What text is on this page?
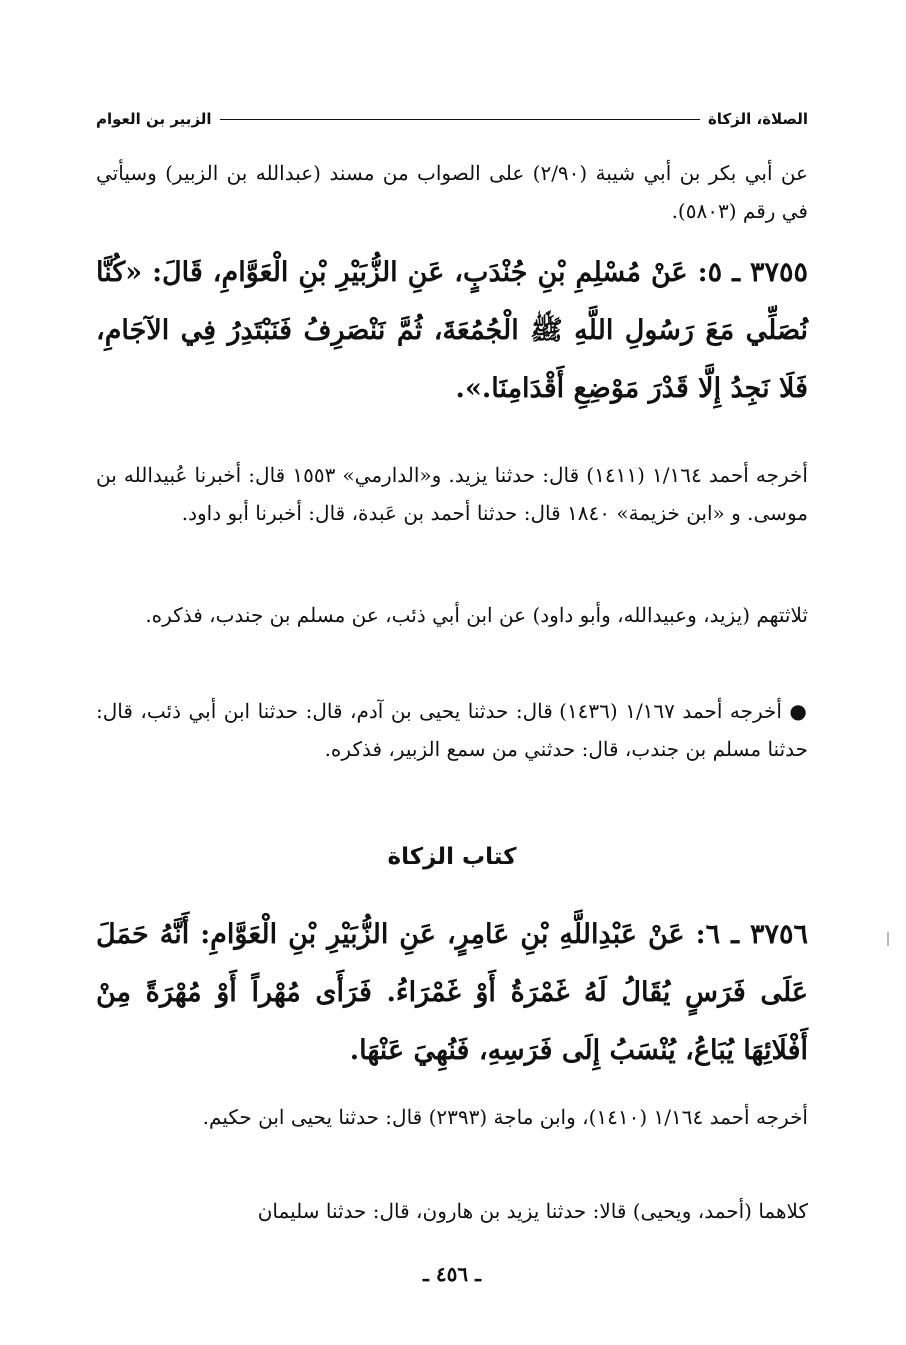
الصلاة، الزكاة
الزبير بن العوام
عن أبي بكر بن أبي شيبة (٢/٩٠) على الصواب من مسند (عبدالله بن الزبير) وسيأتي في رقم (٥٨٠٣).
٣٧٥٥ ـ ٥: عَنْ مُسْلِمِ بْنِ جُنْدَبٍ، عَنِ الزُّبَيْرِ بْنِ الْعَوَّامِ، قَالَ: «كُنَّا نُصَلِّي مَعَ رَسُولِ اللَّهِ ﷺ الْجُمُعَةَ، ثُمَّ نَنْصَرِفُ فَنَبْتَدِرُ فِي الآجَامِ، فَلَا نَجِدُ إِلَّا قَدْرَ مَوْضِعِ أَقْدَامِنَا.».
أخرجه أحمد ١/١٦٤ (١٤١١) قال: حدثنا يزيد. و«الدارمي» ١٥٥٣ قال: أخبرنا عُبيدالله بن موسى. و «ابن خزيمة» ١٨٤٠ قال: حدثنا أحمد بن عَبدة، قال: أخبرنا أبو داود.
ثلاثتهم (يزيد، وعبيدالله، وأبو داود) عن ابن أبي ذئب، عن مسلم بن جندب، فذكره.
● أخرجه أحمد ١/١٦٧ (١٤٣٦) قال: حدثنا يحيى بن آدم، قال: حدثنا ابن أبي ذئب، قال: حدثنا مسلم بن جندب، قال: حدثني من سمع الزبير، فذكره.
كتاب الزكاة
٣٧٥٦ ـ ٦: عَنْ عَبْدِاللَّهِ بْنِ عَامِرٍ، عَنِ الزُّبَيْرِ بْنِ الْعَوَّامِ: أَنَّهُ حَمَلَ عَلَى فَرَسٍ يُقَالُ لَهُ غَمْرَةُ أَوْ غَمْرَاءُ. فَرَأَى مُهْراً أَوْ مُهْرَةً مِنْ أَفْلَائِهَا يُبَاعُ، يُنْسَبُ إِلَى فَرَسِهِ، فَنُهِيَ عَنْهَا.
أخرجه أحمد ١/١٦٤ (١٤١٠)، وابن ماجة (٢٣٩٣) قال: حدثنا يحيى ابن حكيم.
كلاهما (أحمد، ويحيى) قالا: حدثنا يزيد بن هارون، قال: حدثنا سليمان
ـ ٤٥٦ ـ
